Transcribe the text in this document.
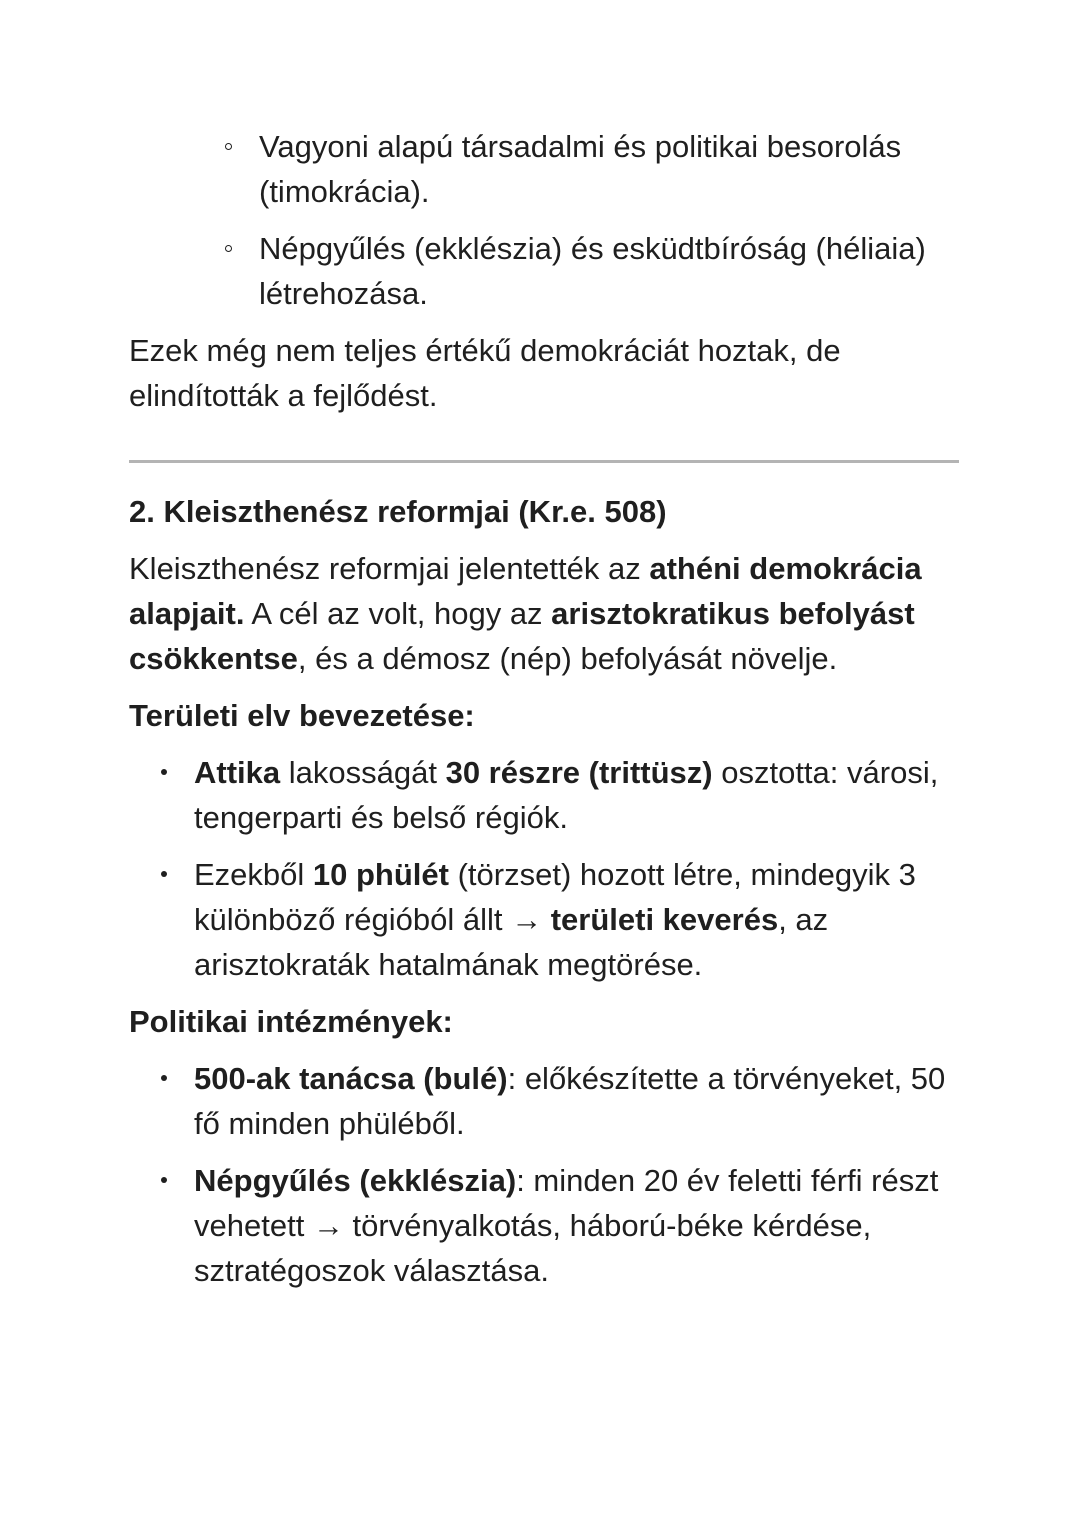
Vagyoni alapú társadalmi és politikai besorolás (timokrácia).
Népgyűlés (ekklészia) és esküdtbíróság (héliaia) létrehozása.

Ezek még nem teljes értékű demokráciát hoztak, de elindították a fejlődést.

2. Kleiszthenész reformjai (Kr.e. 508)

Kleiszthenész reformjai jelentették az athéni demokrácia alapjait. A cél az volt, hogy az arisztokratikus befolyást csökkentse, és a démosz (nép) befolyását növelje.

Területi elv bevezetése:
Attika lakosságát 30 részre (trittüsz) osztotta: városi, tengerparti és belső régiók.
Ezekből 10 phülét (törzset) hozott létre, mindegyik 3 különböző régióból állt → területi keverés, az arisztokraták hatalmának megtörése.
Politikai intézmények:
500-ak tanácsa (bulé): előkészítette a törvényeket, 50 fő minden phüléből.
Népgyűlés (ekklészia): minden 20 év feletti férfi részt vehetett → törvényalkotás, háború-béke kérdése, sztratégoszok választása.
